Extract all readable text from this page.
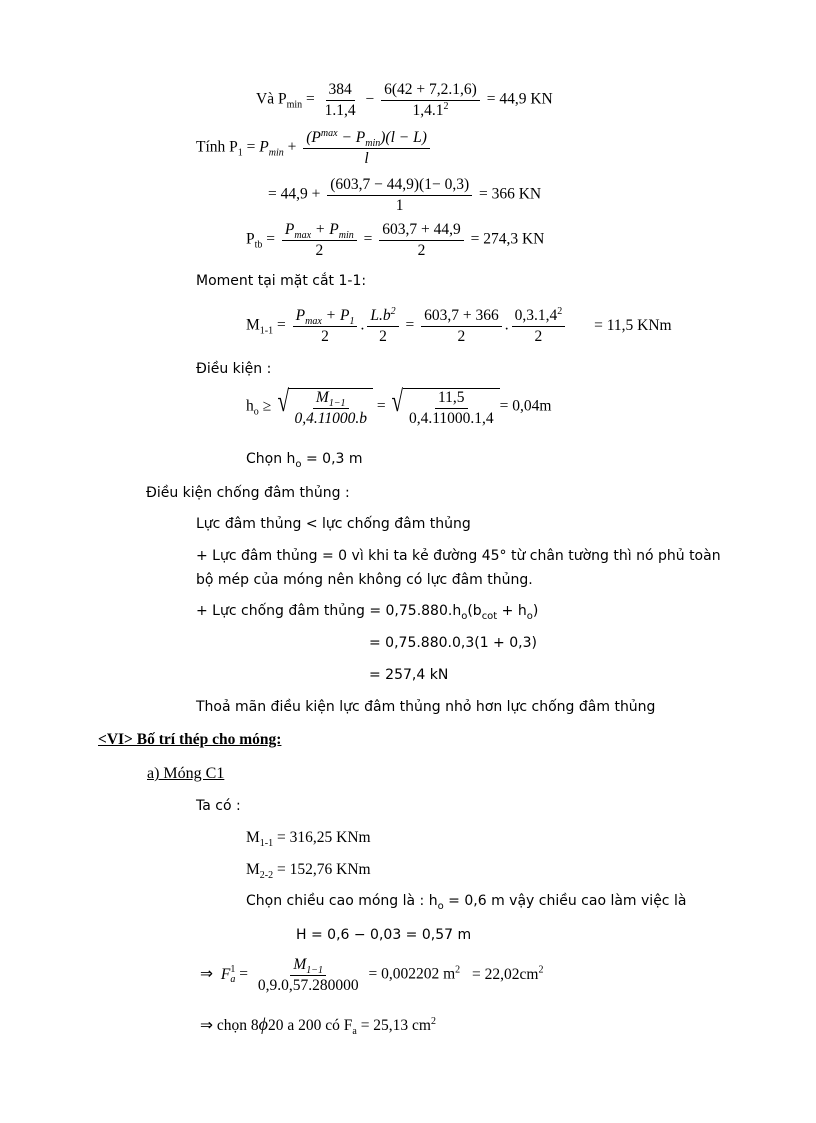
Và $P_{min} = \frac{384}{1.1,4} - \frac{6(42 + 7,2.1,6)}{1,4.1^2} = 44,9$ KN
Tính $P_1 = P_{min} + \frac{(P^{max} - P_{min})(l - L)}{l}$
= $44,9 + \frac{(603,7 - 44,9)(1- 0,3)}{1} = 366$ KN
$P_{tb} = \frac{P_{max} + P_{min}}{2} = \frac{603,7 + 44,9}{2} = 274,3$ KN
Moment tại mặt cắt 1-1:
$M_{1-1} = \frac{P_{max} + P_1}{2}$ . $\frac{L.b^2}{2} = \frac{603,7 + 366}{2}$ . $\frac{0,3.1,4^2}{2} = 11,5$ KNm
Điều kiện :
$h_o$ ≥ √ $\frac{M_{1-1}}{0,4.11000.b}$ = √ $\frac{11,5}{0,4.11000.1,4} = 0,04m$
Chọn $h_o = 0,3$ m
Điều kiện chống đâm thủng :
Lực đâm thủng < lực chống đâm thủng
+ Lực đâm thủng = 0 vì khi ta kẻ đường 45° từ chân tường thì nó phủ toàn
bộ mép của móng nên không có lực đâm thủng.
+ Lực chống đâm thủng = $0,75.880.h_o(b_{cot} + h_o)$
= 0,75.880.0,3(1 + 0,3)
= 257,4 kN
Thoả mãn điều kiện lực đâm thủng nhỏ hơn lực chống đâm thủng
<VI> Bố trí thép cho móng:
a) Móng C1
Ta có :
$M_{1-1} = 316,25$ KNm
$M_{2-2} = 152,76$ KNm
Chọn chiều cao móng là : $h_o = 0,6$ m vậy chiều cao làm việc là
H = 0,6 − 0,03 = 0,57 m
⇒ F 1
$a = \frac{M_{1-1}}{0,9.0,57.280000} = 0,002202$ $m^2 = 22,02cm^2$
⇒ chọn 8ϕ20 a 200 có $F_a = 25,13$ $cm^2$
